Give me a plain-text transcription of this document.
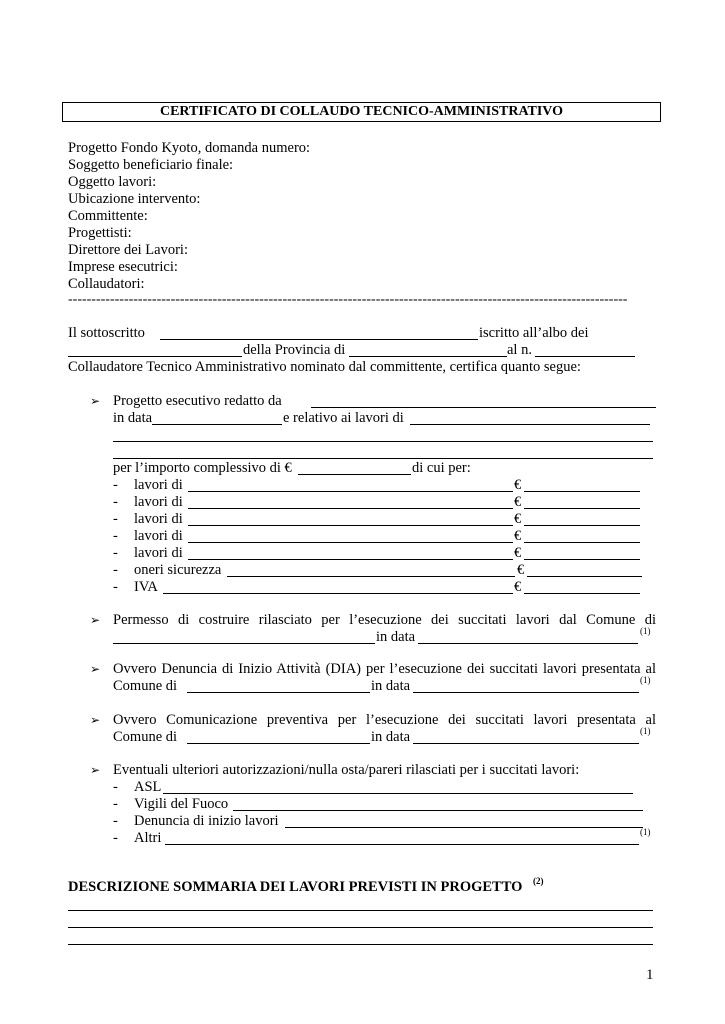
CERTIFICATO DI COLLAUDO TECNICO-AMMINISTRATIVO
Progetto Fondo Kyoto, domanda numero:
Soggetto beneficiario finale:
Oggetto lavori:
Ubicazione intervento:
Committente:
Progettisti:
Direttore dei Lavori:
Imprese esecutrici:
Collaudatori:
------------------------------------------------------------------------------------------------------------------------
Il sottoscritto	iscritto all’albo dei
della Provincia di	al n.
Collaudatore Tecnico Amministrativo nominato dal committente, certifica quanto segue:
➢ Progetto esecutivo redatto da
in data	e relativo ai lavori di
per l’importo complessivo di €	di cui per:
- lavori di	€
- lavori di	€
- lavori di	€
- lavori di	€
- lavori di	€
- oneri sicurezza	€
- IVA	€
➢ Permesso di costruire rilasciato per l’esecuzione dei succitati lavori dal Comune di
in data	(1)
➢ Ovvero Denuncia di Inizio Attività (DIA) per l’esecuzione dei succitati lavori presentata al
Comune di	in data	(1)
➢ Ovvero Comunicazione preventiva per l’esecuzione dei succitati lavori presentata al
Comune di	in data	(1)
➢ Eventuali ulteriori autorizzazioni/nulla osta/pareri rilasciati per i succitati lavori:
- ASL
- Vigili del Fuoco
- Denuncia di inizio lavori
- Altri	(1)
DESCRIZIONE SOMMARIA DEI LAVORI PREVISTI IN PROGETTO (2)
1
